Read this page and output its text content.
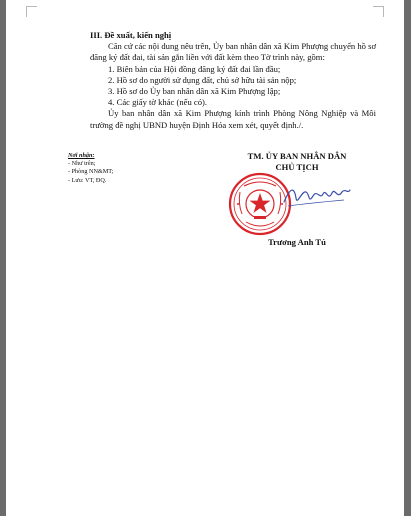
III. Đề xuất, kiến nghị

Căn cứ các nội dung nêu trên, Ủy ban nhân dân xã Kim Phượng chuyển hồ sơ đăng ký đất đai, tài sản gắn liền với đất kèm theo Tờ trình này, gồm:

1. Biên bản của Hội đồng đăng ký đất đai lần đầu;

2. Hồ sơ do người sử dụng đất, chủ sở hữu tài sản nộp;

3. Hồ sơ do Ủy ban nhân dân xã Kim Phượng lập;

4. Các giấy tờ khác (nếu có).

Ủy ban nhân dân xã Kim Phượng kính trình Phòng Nông Nghiệp và Môi trường đề nghị UBND huyện Định Hóa xem xét, quyết định./.

Nơi nhận:
- Như trên;
- Phòng NN&MT;
- Lưu: VT, ĐQ.
TM. ỦY BAN NHÂN DÂN
CHỦ TỊCH
Trương Anh Tú
